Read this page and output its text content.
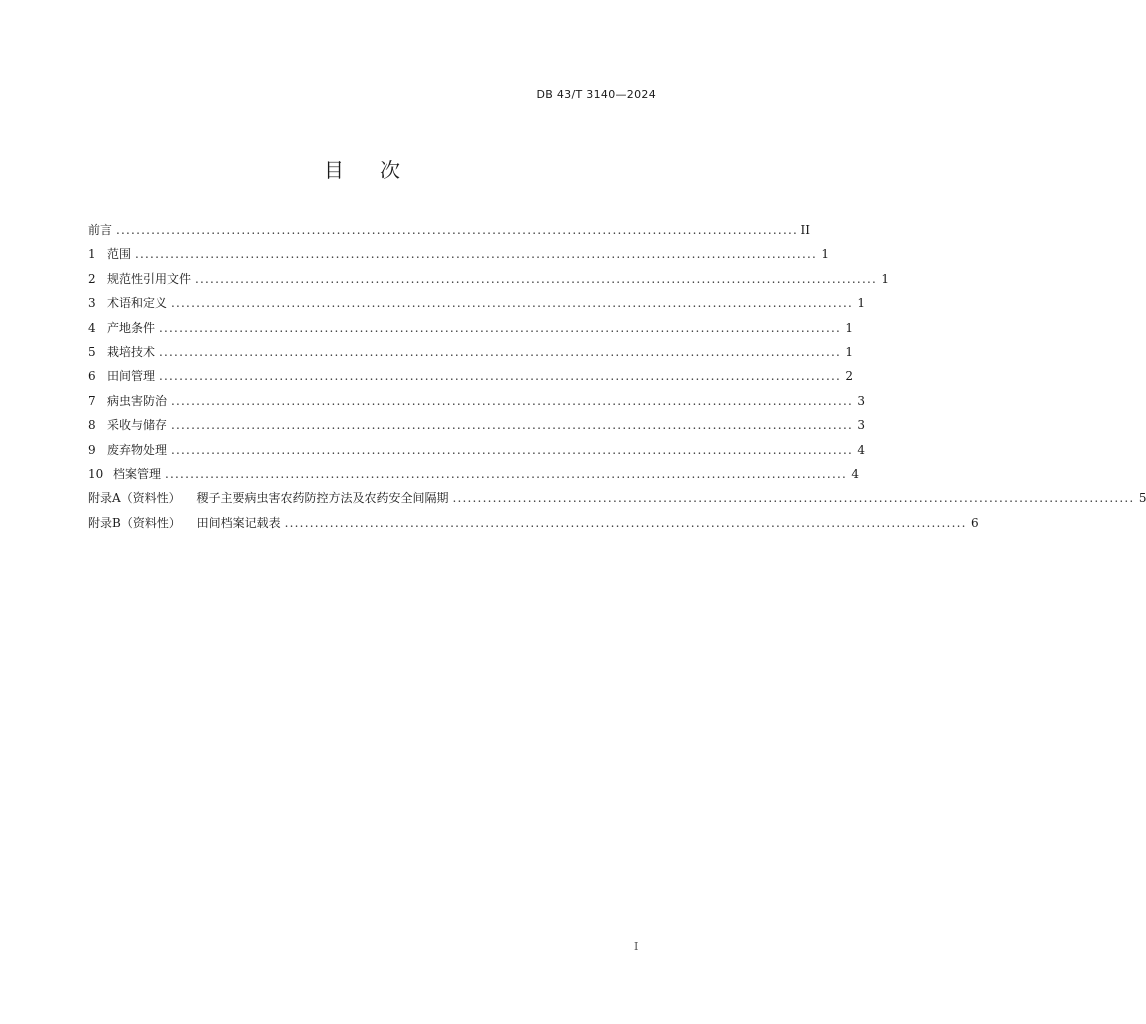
DB 43/T 3140—2024
目次
前言 ........................................................................................................................................ II
1 范围 ........................................................................................................................................ 1
2 规范性引用文件 ........................................................................................................................................ 1
3 术语和定义 ........................................................................................................................................ 1
4 产地条件 ........................................................................................................................................ 1
5 栽培技术 ........................................................................................................................................ 1
6 田间管理 ........................................................................................................................................ 2
7 病虫害防治 ........................................................................................................................................ 3
8 采收与储存 ........................................................................................................................................ 3
9 废弃物处理 ........................................................................................................................................ 4
10 档案管理 ........................................................................................................................................ 4
附录A（资料性） 　稷子主要病虫害农药防控方法及农药安全间隔期 ........................................................................................................................................ 5
附录B（资料性） 　田间档案记载表 ........................................................................................................................................ 6
I
